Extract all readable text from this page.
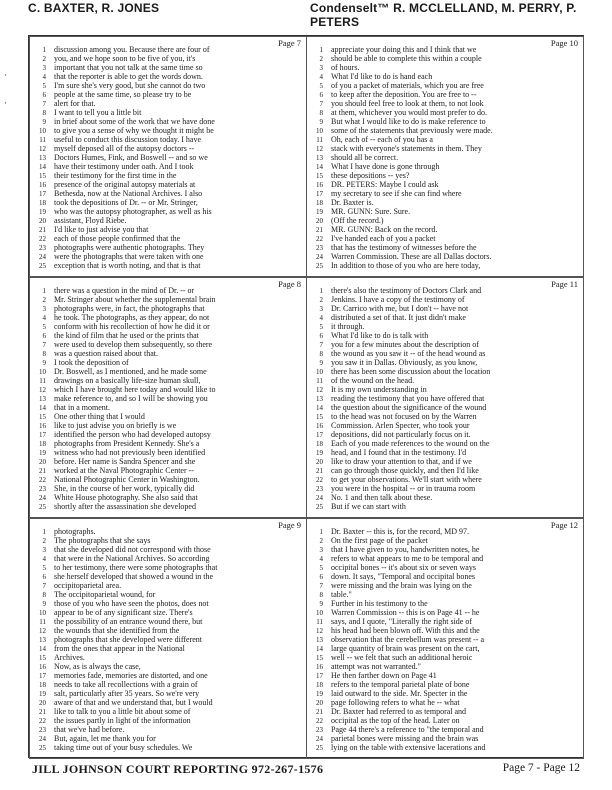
C. BAXTER, R. JONES	Condenselt™ R. MCCLELLAND, M. PERRY, P. PETERS
·
·
Page 7
1 discussion among you. Because there are four of
2 you, and we hope soon to be five of you, it's
3 important that you not talk at the same time so
4 that the reporter is able to get the words down.
5 I'm sure she's very good, but she cannot do two
6 people at the same time, so please try to be
7 alert for that.
8 I want to tell you a little bit
9 in brief about some of the work that we have done
10 to give you a sense of why we thought it might be
11 useful to conduct this discussion today. I have
12 myself deposed all of the autopsy doctors --
13 Doctors Humes, Fink, and Boswell -- and so we
14 have their testimony under oath. And I took
15 their testimony for the first time in the
16 presence of the original autopsy materials at
17 Bethesda, now at the National Archives. I also
18 took the depositions of Dr. -- or Mr. Stringer,
19 who was the autopsy photographer, as well as his
20 assistant, Floyd Riebe.
21 I'd like to just advise you that
22 each of those people confirmed that the
23 photographs were authentic photographs. They
24 were the photographs that were taken with one
25 exception that is worth noting, and that is that
Page 10
1 appreciate your doing this and I think that we
2 should be able to complete this within a couple
3 of hours.
4 What I'd like to do is hand each
5 of you a packet of materials, which you are free
6 to keep after the deposition. You are free to --
7 you should feel free to look at them, to not look
8 at them, whichever you would most prefer to do.
9 But what I would like to do is make reference to
10 some of the statements that previously were made.
11 Oh, each of -- each of you has a
12 stack with everyone's statements in them. They
13 should all be correct.
14 What I have done is gone through
15 these depositions -- yes?
16 DR. PETERS: Maybe I could ask
17 my secretary to see if she can find where
18 Dr. Baxter is.
19 MR. GUNN: Sure. Sure.
20 (Off the record.)
21 MR. GUNN: Back on the record.
22 I've handed each of you a packet
23 that has the testimony of witnesses before the
24 Warren Commission. These are all Dallas doctors.
25 In addition to those of you who are here today,
Page 8
1 there was a question in the mind of Dr. -- or
2 Mr. Stringer about whether the supplemental brain
3 photographs were, in fact, the photographs that
4 he took. The photographs, as they appear, do not
5 conform with his recollection of how he did it or
6 the kind of film that he used or the prints that
7 were used to develop them subsequently, so there
8 was a question raised about that.
9 I took the deposition of
10 Dr. Boswell, as I mentioned, and he made some
11 drawings on a basically life-size human skull,
12 which I have brought here today and would like to
13 make reference to, and so I will be showing you
14 that in a moment.
15 One other thing that I would
16 like to just advise you on briefly is we
17 identified the person who had developed autopsy
18 photographs from President Kennedy. She's a
19 witness who had not previously been identified
20 before. Her name is Sandra Spencer and she
21 worked at the Naval Photographic Center --
22 National Photographic Center in Washington.
23 She, in the course of her work, typically did
24 White House photography. She also said that
25 shortly after the assassination she developed
Page 11
1 there's also the testimony of Doctors Clark and
2 Jenkins. I have a copy of the testimony of
3 Dr. Carrico with me, but I don't -- have not
4 distributed a set of that. It just didn't make
5 it through.
6 What I'd like to do is talk with
7 you for a few minutes about the description of
8 the wound as you saw it -- of the head wound as
9 you saw it in Dallas. Obviously, as you know,
10 there has been some discussion about the location
11 of the wound on the head.
12 It is my own understanding in
13 reading the testimony that you have offered that
14 the question about the significance of the wound
15 to the head was not focused on by the Warren
16 Commission. Arlen Specter, who took your
17 depositions, did not particularly focus on it.
18 Each of you made references to the wound on the
19 head, and I found that in the testimony. I'd
20 like to draw your attention to that, and if we
21 can go through those quickly, and then I'd like
22 to get your observations. We'll start with where
23 you were in the hospital -- or in trauma room
24 No. 1 and then talk about these.
25 But if we can start with
Page 9
1 photographs.
2 The photographs that she says
3 that she developed did not correspond with those
4 that were in the National Archives. So according
5 to her testimony, there were some photographs that
6 she herself developed that showed a wound in the
7 occipitoparietal area.
8 The occipitoparietal wound, for
9 those of you who have seen the photos, does not
10 appear to be of any significant size. There's
11 the possibility of an entrance wound there, but
12 the wounds that she identified from the
13 photographs that she developed were different
14 from the ones that appear in the National
15 Archives.
16 Now, as is always the case,
17 memories fade, memories are distorted, and one
18 needs to take all recollections with a grain of
19 salt, particularly after 35 years. So we're very
20 aware of that and we understand that, but I would
21 like to talk to you a little bit about some of
22 the issues partly in light of the information
23 that we've had before.
24 But, again, let me thank you for
25 taking time out of your busy schedules. We
Page 12
1 Dr. Baxter -- this is, for the record, MD 97.
2 On the first page of the packet
3 that I have given to you, handwritten notes, he
4 refers to what appears to me to be temporal and
5 occipital bones -- it's about six or seven ways
6 down. It says, "Temporal and occipital bones
7 were missing and the brain was lying on the
8 table."
9 Further in his testimony to the
10 Warren Commission -- this is on Page 41 -- he
11 says, and I quote, "Literally the right side of
12 his head had been blown off. With this and the
13 observation that the cerebellum was present -- a
14 large quantity of brain was present on the cart,
15 well -- we felt that such an additional heroic
16 attempt was not warranted."
17 He then farther down on Page 41
18 refers to the temporal parietal plate of bone
19 laid outward to the side. Mr. Specter in the
20 page following refers to what he -- what
21 Dr. Baxter had referred to as temporal and
22 occipital as the top of the head. Later on
23 Page 44 there's a reference to "the temporal and
24 parietal bones were missing and the brain was
25 lying on the table with extensive lacerations and
JILL JOHNSON COURT REPORTING 972-267-1576	Page 7 - Page 12
